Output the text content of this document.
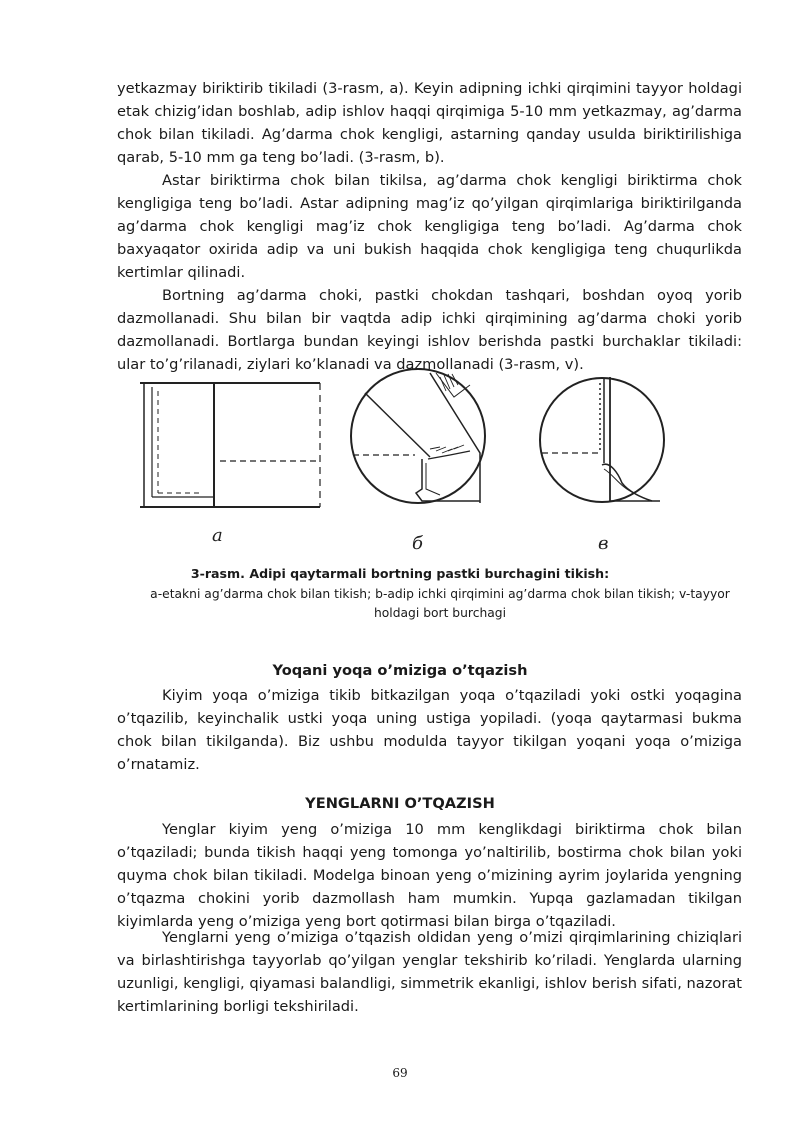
yetkazmay biriktirib tikiladi (3-rasm, a). Keyin adipning ichki qirqimini tayyor holdagi etak chizig’idan boshlab, adip ishlov haqqi qirqimiga 5-10 mm yetkazmay, ag’darma chok bilan tikiladi. Ag’darma chok kengligi, astarning qanday usulda biriktirilishiga qarab, 5-10 mm ga teng bo’ladi. (3-rasm, b).

Astar biriktirma chok bilan tikilsa, ag’darma chok kengligi biriktirma chok kengligiga teng bo’ladi. Astar adipning mag’iz qo’yilgan qirqimlariga biriktirilganda ag’darma chok kengligi mag’iz chok kengligiga teng bo’ladi. Ag’darma chok baxyaqator oxirida adip va uni bukish haqqida chok kengligiga teng chuqurlikda kertimlar qilinadi.

Bortning ag’darma choki, pastki chokdan tashqari, boshdan oyoq yorib dazmollanadi. Shu bilan bir vaqtda adip ichki qirqimining ag’darma choki yorib dazmollanadi. Bortlarga bundan keyingi ishlov berishda pastki burchaklar tikiladi: ular to’g’rilanadi, ziylari ko’klanadi va dazmollanadi (3-rasm, v).

a	б	в
3-rasm. Adipi qaytarmali bortning pastki burchagini tikish:
a-etakni ag’darma chok bilan tikish; b-adip ichki qirqimini ag’darma chok bilan tikish; v-tayyor holdagi bort burchagi
Yoqani yoqa o’miziga o’tqazish

Kiyim yoqa o’miziga tikib bitkazilgan yoqa o’tqaziladi yoki ostki yoqagina o’tqazilib, keyinchalik ustki yoqa uning ustiga yopiladi. (yoqa qaytarmasi bukma chok bilan tikilganda). Biz ushbu modulda tayyor tikilgan yoqani yoqa o’miziga o’rnatamiz.

YENGLARNI O’TQAZISH

Yenglar kiyim yeng o’miziga 10 mm kenglikdagi biriktirma chok bilan o’tqaziladi; bunda tikish haqqi yeng tomonga yo’naltirilib, bostirma chok bilan yoki quyma chok bilan tikiladi. Modelga binoan yeng o’mizining ayrim joylarida yengning o’tqazma chokini yorib dazmollash ham mumkin. Yupqa gazlamadan tikilgan kiyimlarda yeng o’miziga yeng bort qotirmasi bilan birga o’tqaziladi.

Yenglarni yeng o’miziga o’tqazish oldidan yeng o’mizi qirqimlarining chiziqlari va birlashtirishga tayyorlab qo’yilgan yenglar tekshirib ko’riladi. Yenglarda ularning uzunligi, kengligi, qiyamasi balandligi, simmetrik ekanligi, ishlov berish sifati, nazorat kertimlarining borligi tekshiriladi.

69
